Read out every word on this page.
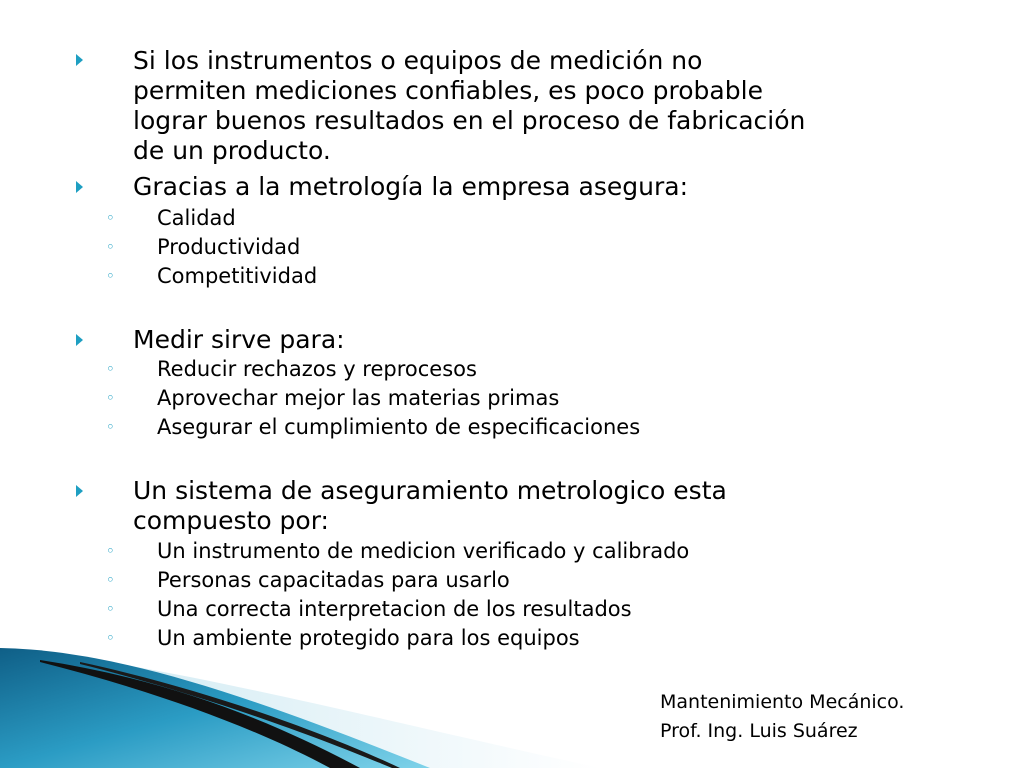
Si los instrumentos o equipos de medición no
permiten mediciones confiables, es poco probable
lograr buenos resultados en el proceso de fabricación
de un producto.
Gracias a la metrología la empresa asegura:
◦ Calidad
◦ Productividad
◦ Competitividad
Medir sirve para:
◦ Reducir rechazos y reprocesos
◦ Aprovechar mejor las materias primas
◦ Asegurar el cumplimiento de especificaciones
Un sistema de aseguramiento metrologico esta
compuesto por:
◦ Un instrumento de medicion verificado y calibrado
◦ Personas capacitadas para usarlo
◦ Una correcta interpretacion de los resultados
◦ Un ambiente protegido para los equipos
Mantenimiento Mecánico.
Prof. Ing. Luis Suárez
